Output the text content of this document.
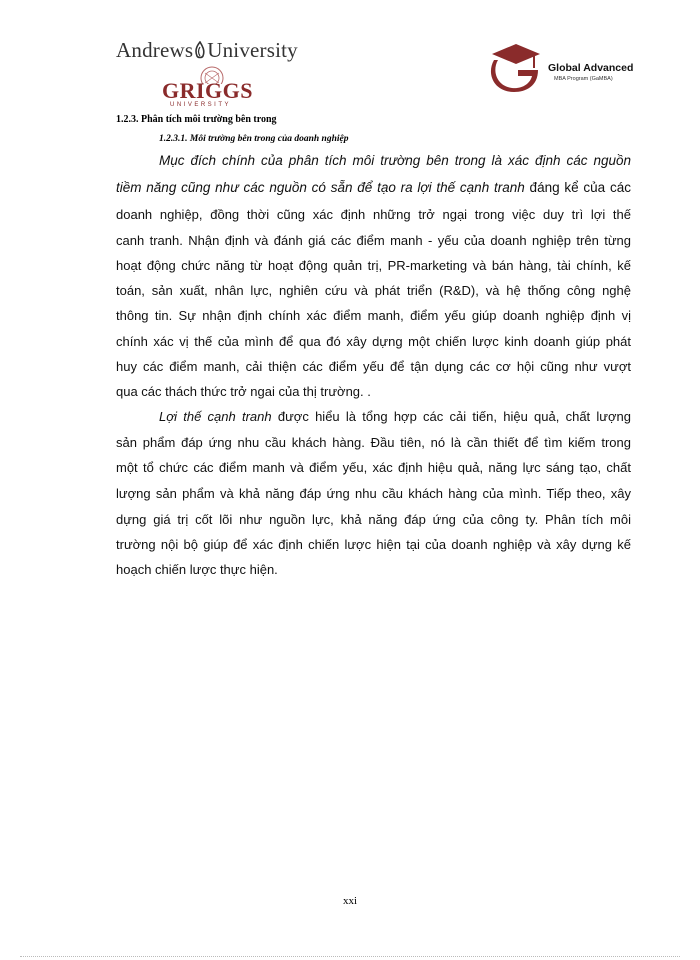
Andrews University
GRIGGS
UNIVERSITY
Global Advanced
MBA Program (GaMBA)
1.2.3. Phân tích môi trường bên trong
1.2.3.1. Môi trường bên trong của doanh nghiệp
Mục đích chính của phân tích môi trường bên trong là xác định các nguồn
tiềm năng cũng như các nguồn có sẵn để tạo ra lợi thế cạnh tranh đáng kể của các
doanh nghiệp, đồng thời cũng xác định những trở ngại trong việc duy trì lợi thế
canh tranh. Nhận định và đánh giá các điểm manh - yếu của doanh nghiệp trên từng
hoạt động chức năng từ hoạt động quản trị, PR-marketing và bán hàng, tài chính, kế
toán, sản xuất, nhân lực, nghiên cứu và phát triển (R&D), và hệ thống công nghệ
thông tin. Sự nhận định chính xác điểm manh, điểm yếu giúp doanh nghiệp định vị
chính xác vị thế của mình để qua đó xây dựng một chiến lược kinh doanh giúp phát
huy các điểm manh, cải thiện các điểm yếu để tận dụng các cơ hội cũng như vượt
qua các thách thức trở ngai của thị trường. .
Lợi thế cạnh tranh được hiểu là tổng hợp các cải tiến, hiệu quả, chất lượng
sản phẩm đáp ứng nhu cầu khách hàng. Đầu tiên, nó là cần thiết để tìm kiếm trong
một tổ chức các điểm manh và điểm yếu, xác định hiệu quả, năng lực sáng tạo, chất
lượng sản phẩm và khả năng đáp ứng nhu cầu khách hàng của mình. Tiếp theo, xây
dựng giá trị cốt lõi như nguồn lực, khả năng đáp ứng của công ty. Phân tích môi
trường nội bộ giúp để xác định chiến lược hiện tại của doanh nghiệp và xây dựng kế
hoạch chiến lược thực hiện.
xxi
